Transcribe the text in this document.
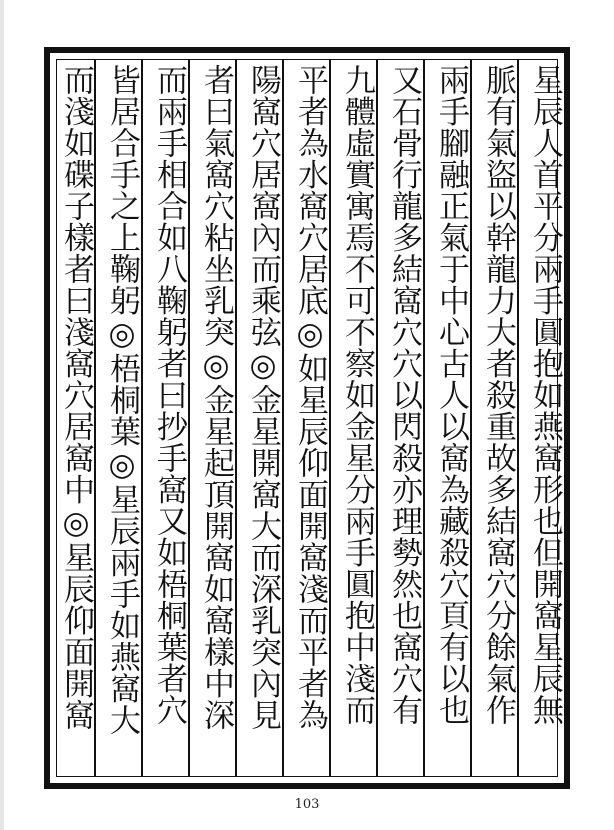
星辰人首平分兩手圓抱如燕窩形也但開窩星辰無
脈有氣盜以幹龍力大者殺重故多結窩穴分餘氣作
兩手腳融正氣于中心古人以窩為藏殺穴頁有以也
又石骨行龍多結窩穴穴以閃殺亦理勢然也窩穴有
九體虛實寓焉不可不察如金星分兩手圓抱中淺而
平者為水窩穴居底◎如星辰仰面開窩淺而平者為
陽窩穴居窩內而乘弦◎金星開窩大而深乳突內見
者曰氣窩穴粘坐乳突◎金星起頂開窩如窩樣中深
而兩手相合如八鞠躬者曰抄手窩又如梧桐葉者穴
皆居合手之上鞠躬◎梧桐葉◎星辰兩手如燕窩大
而淺如碟子樣者曰淺窩穴居窩中◎星辰仰面開窩
103
